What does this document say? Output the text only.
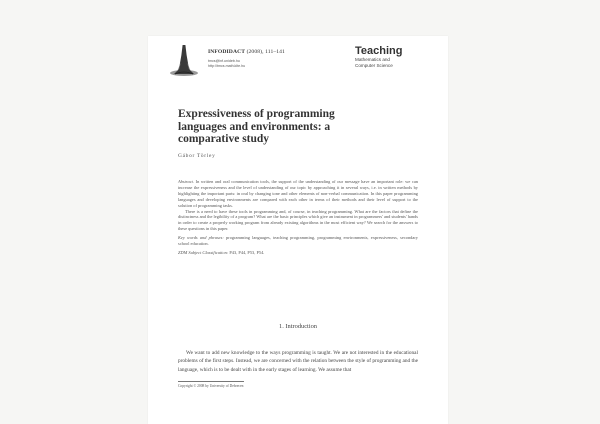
INFODIDACT (2008), 111–141

tmcs@inf.unideb.hu
http://tmcs.math.klte.hu
Teaching
Mathematics and
Computer Science
Expressiveness of programming
languages and environments: a
comparative study
Gábor Törley

Abstract. In written and oral communication tools, the support of the understanding of our message have an important role: we can increase the expressiveness and the level of understanding of our topic by approaching it in several ways, i.e. in written methods by highlighting the important parts: in oral by changing tone and other elements of non-verbal communication. In this paper programming languages and developing environments are compared with each other in terms of their methods and their level of support to the solution of programming tasks.

There is a need to have these tools in programming and, of course, in teaching programming. What are the factors that define the distinctness and the legibility of a program? What are the basic principles which give an instrument in programmers' and students' hands in order to create a properly working program from already existing algorithms in the most efficient way? We search for the answers to these questions in this paper.

Key words and phrases: programming languages, teaching programming, programming environments, expressiveness, secondary school education.

ZDM Subject Classification: P43, P44, P53, P54.

1. Introduction

We want to add new knowledge to the ways programming is taught. We are not interested in the educational problems of the first steps. Instead, we are concerned with the relation between the style of programming and the language, which is to be dealt with in the early stages of learning. We assume that

Copyright © 2008 by University of Debrecen
